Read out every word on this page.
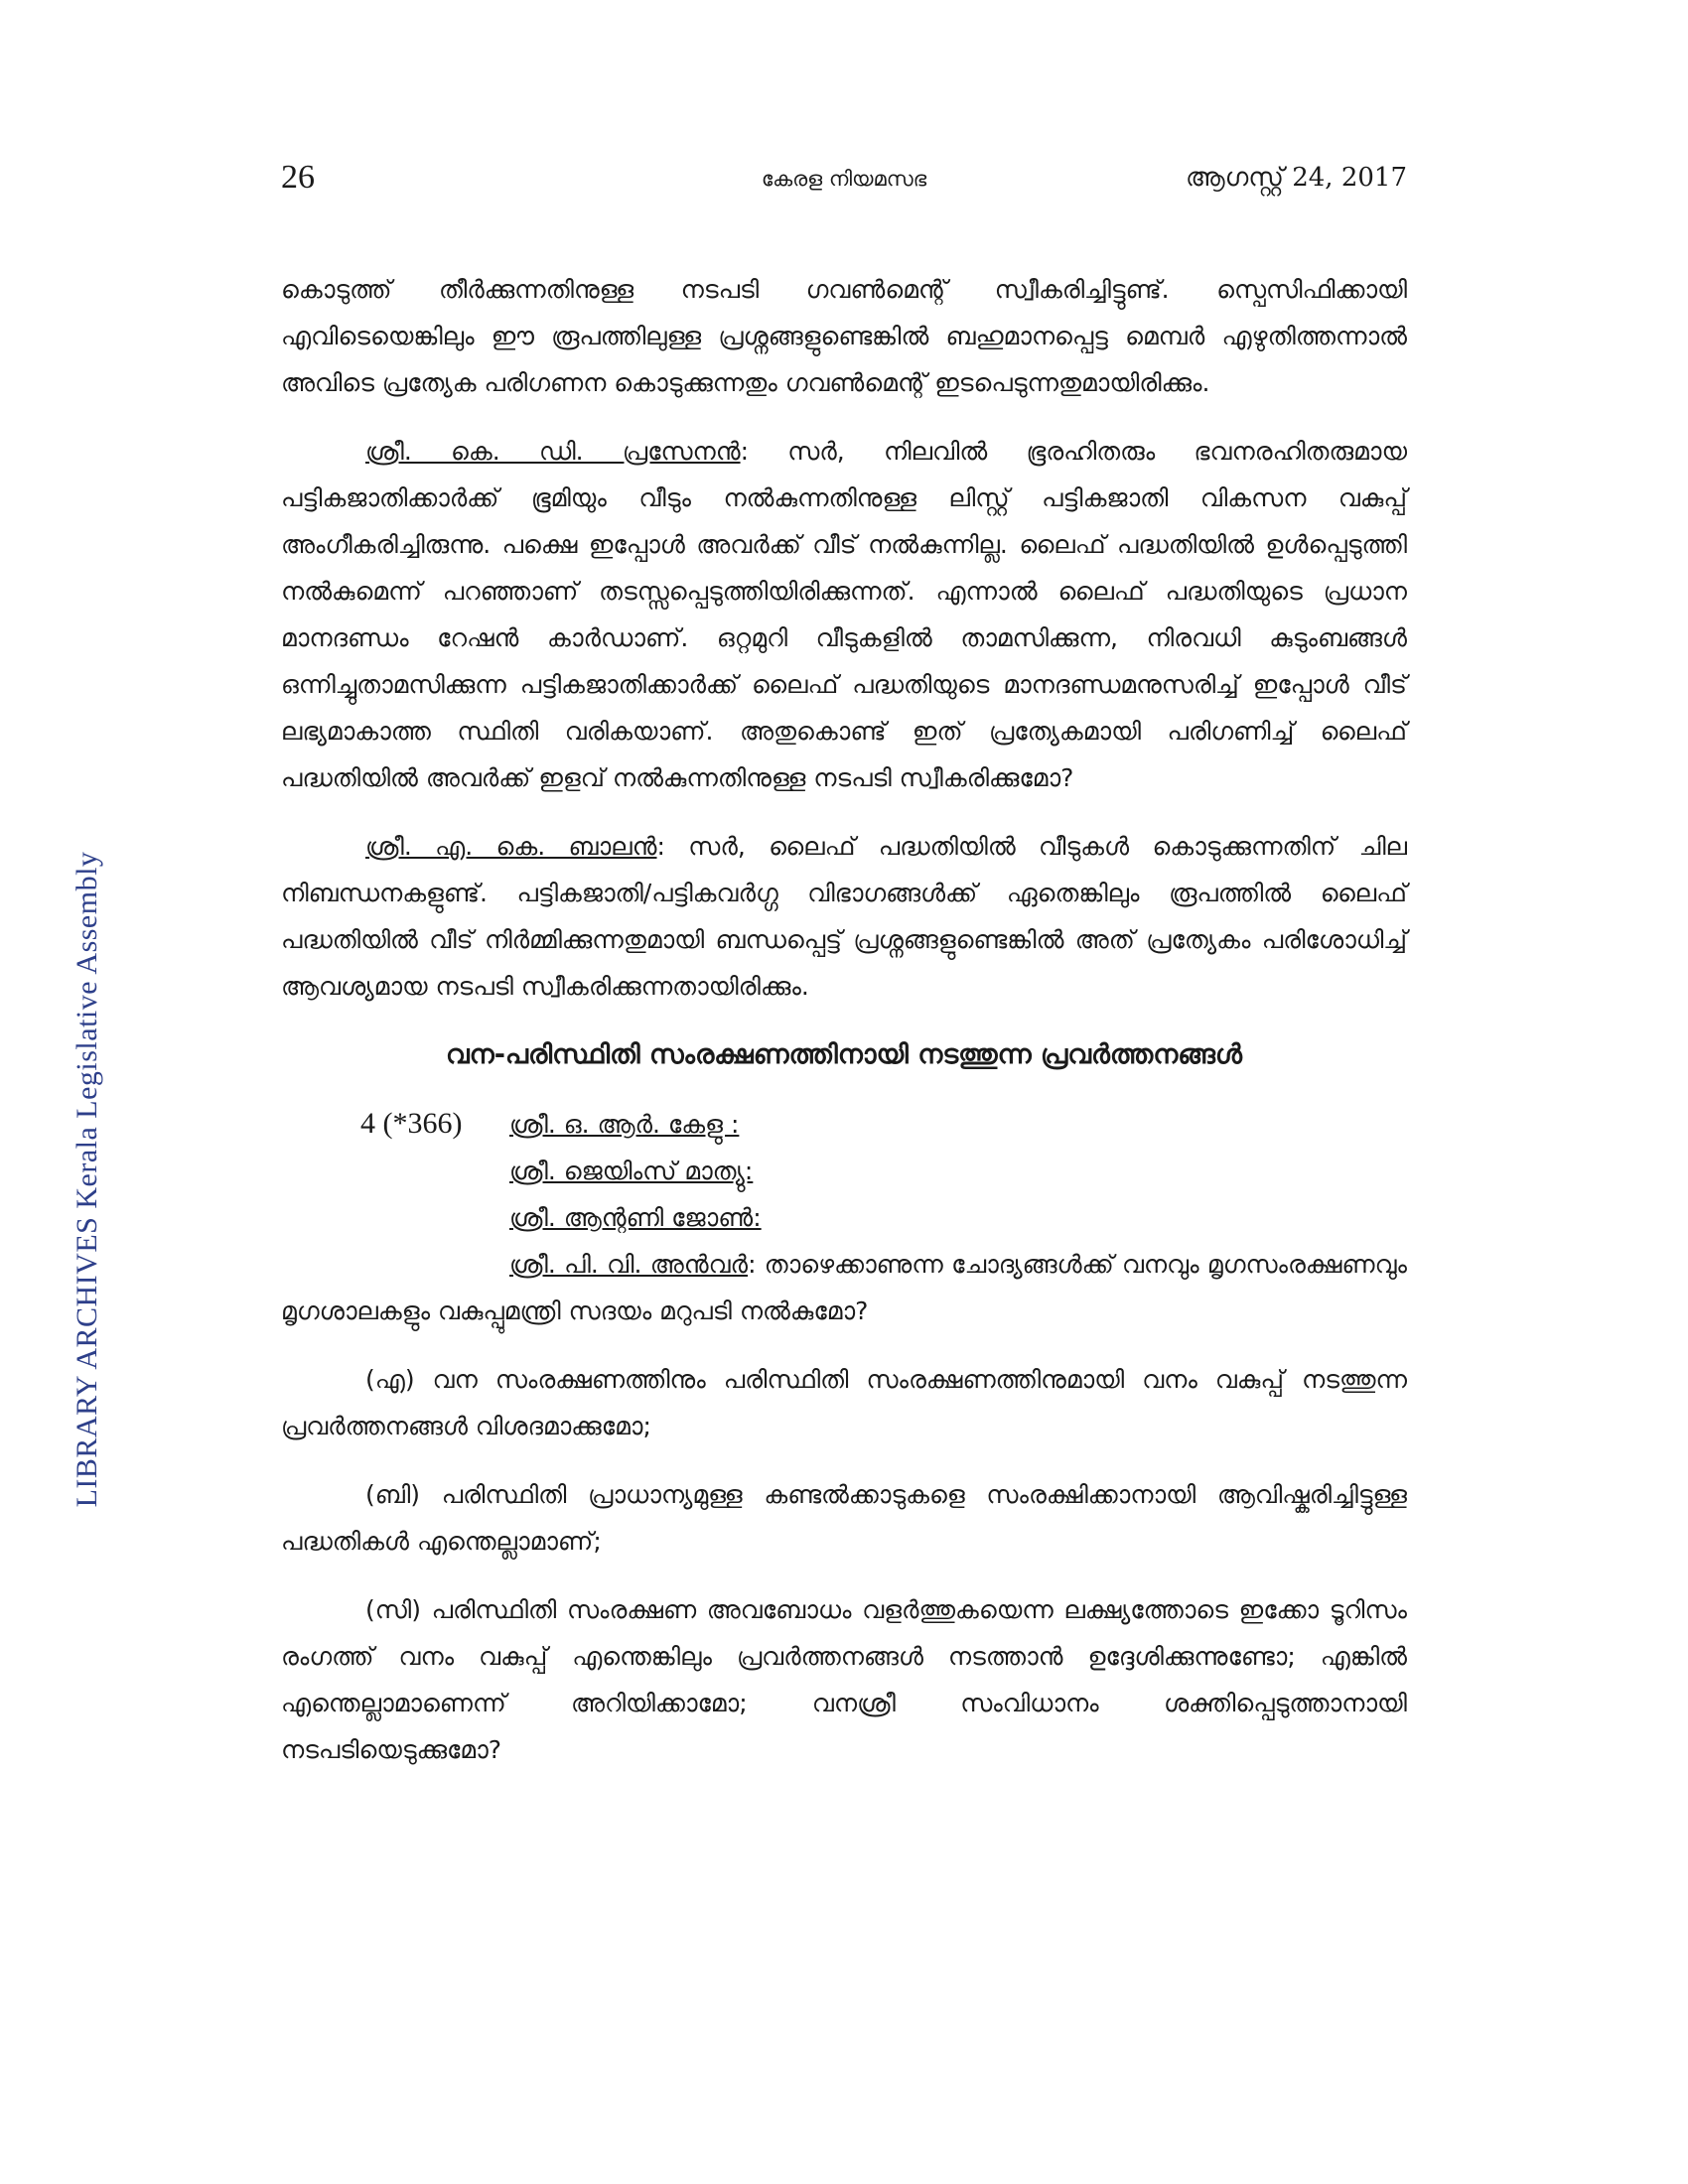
LIBRARY ARCHIVES Kerala Legislative Assembly
26	കേരള നിയമസഭ	ആഗസ്റ്റ് 24, 2017

കൊടുത്ത് തീർക്കുന്നതിനുള്ള നടപടി ഗവൺമെന്റ് സ്വീകരിച്ചിട്ടുണ്ട്. സ്പെസിഫിക്കായി എവിടെയെങ്കിലും ഈ രൂപത്തിലുള്ള പ്രശ്നങ്ങളുണ്ടെങ്കിൽ ബഹുമാനപ്പെട്ട മെമ്പർ എഴുതിത്തന്നാൽ അവിടെ പ്രത്യേക പരിഗണന കൊടുക്കുന്നതും ഗവൺമെന്റ് ഇടപെടുന്നതുമായിരിക്കും.

ശ്രീ. കെ. ഡി. പ്രസേനൻ: സർ, നിലവിൽ ഭൂരഹിതരും ഭവനരഹിതരുമായ പട്ടികജാതിക്കാർക്ക് ഭൂമിയും വീടും നൽകുന്നതിനുള്ള ലിസ്റ്റ് പട്ടികജാതി വികസന വകുപ്പ് അംഗീകരിച്ചിരുന്നു. പക്ഷെ ഇപ്പോൾ അവർക്ക് വീട് നൽകുന്നില്ല. ലൈഫ് പദ്ധതിയിൽ ഉൾപ്പെടുത്തി നൽകുമെന്ന് പറഞ്ഞാണ് തടസ്സപ്പെടുത്തിയിരിക്കുന്നത്. എന്നാൽ ലൈഫ് പദ്ധതിയുടെ പ്രധാന മാനദണ്ഡം റേഷൻ കാർഡാണ്. ഒറ്റമുറി വീടുകളിൽ താമസിക്കുന്ന, നിരവധി കുടുംബങ്ങൾ ഒന്നിച്ചുതാമസിക്കുന്ന പട്ടികജാതിക്കാർക്ക് ലൈഫ് പദ്ധതിയുടെ മാനദണ്ഡമനുസരിച്ച് ഇപ്പോൾ വീട് ലഭ്യമാകാത്ത സ്ഥിതി വരികയാണ്. അതുകൊണ്ട് ഇത് പ്രത്യേകമായി പരിഗണിച്ച് ലൈഫ് പദ്ധതിയിൽ അവർക്ക് ഇളവ് നൽകുന്നതിനുള്ള നടപടി സ്വീകരിക്കുമോ?

ശ്രീ. എ. കെ. ബാലൻ: സർ, ലൈഫ് പദ്ധതിയിൽ വീടുകൾ കൊടുക്കുന്നതിന് ചില നിബന്ധനകളുണ്ട്. പട്ടികജാതി/പട്ടികവർഗ്ഗ വിഭാഗങ്ങൾക്ക് ഏതെങ്കിലും രൂപത്തിൽ ലൈഫ് പദ്ധതിയിൽ വീട് നിർമ്മിക്കുന്നതുമായി ബന്ധപ്പെട്ട് പ്രശ്നങ്ങളുണ്ടെങ്കിൽ അത് പ്രത്യേകം പരിശോധിച്ച് ആവശ്യമായ നടപടി സ്വീകരിക്കുന്നതായിരിക്കും.

വന-പരിസ്ഥിതി സംരക്ഷണത്തിനായി നടത്തുന്ന പ്രവർത്തനങ്ങൾ
4 (*366)	ശ്രീ. ഒ. ആർ. കേളു :
ശ്രീ. ജെയിംസ് മാത്യു:
ശ്രീ. ആന്റണി ജോൺ:
ശ്രീ. പി. വി. അൻവർ: താഴെക്കാണുന്ന ചോദ്യങ്ങൾക്ക് വനവും മൃഗസംരക്ഷണവും മൃഗശാലകളും വകുപ്പുമന്ത്രി സദയം മറുപടി നൽകുമോ?

(എ) വന സംരക്ഷണത്തിനും പരിസ്ഥിതി സംരക്ഷണത്തിനുമായി വനം വകുപ്പ് നടത്തുന്ന പ്രവർത്തനങ്ങൾ വിശദമാക്കുമോ;

(ബി) പരിസ്ഥിതി പ്രാധാന്യമുള്ള കണ്ടൽക്കാടുകളെ സംരക്ഷിക്കാനായി ആവിഷ്കരിച്ചിട്ടുള്ള പദ്ധതികൾ എന്തെല്ലാമാണ്;

(സി) പരിസ്ഥിതി സംരക്ഷണ അവബോധം വളർത്തുകയെന്ന ലക്ഷ്യത്തോടെ ഇക്കോ ടൂറിസം രംഗത്ത് വനം വകുപ്പ് എന്തെങ്കിലും പ്രവർത്തനങ്ങൾ നടത്താൻ ഉദ്ദേശിക്കുന്നുണ്ടോ; എങ്കിൽ എന്തെല്ലാമാണെന്ന് അറിയിക്കാമോ; വനശ്രീ സംവിധാനം ശക്തിപ്പെടുത്താനായി നടപടിയെടുക്കുമോ?
